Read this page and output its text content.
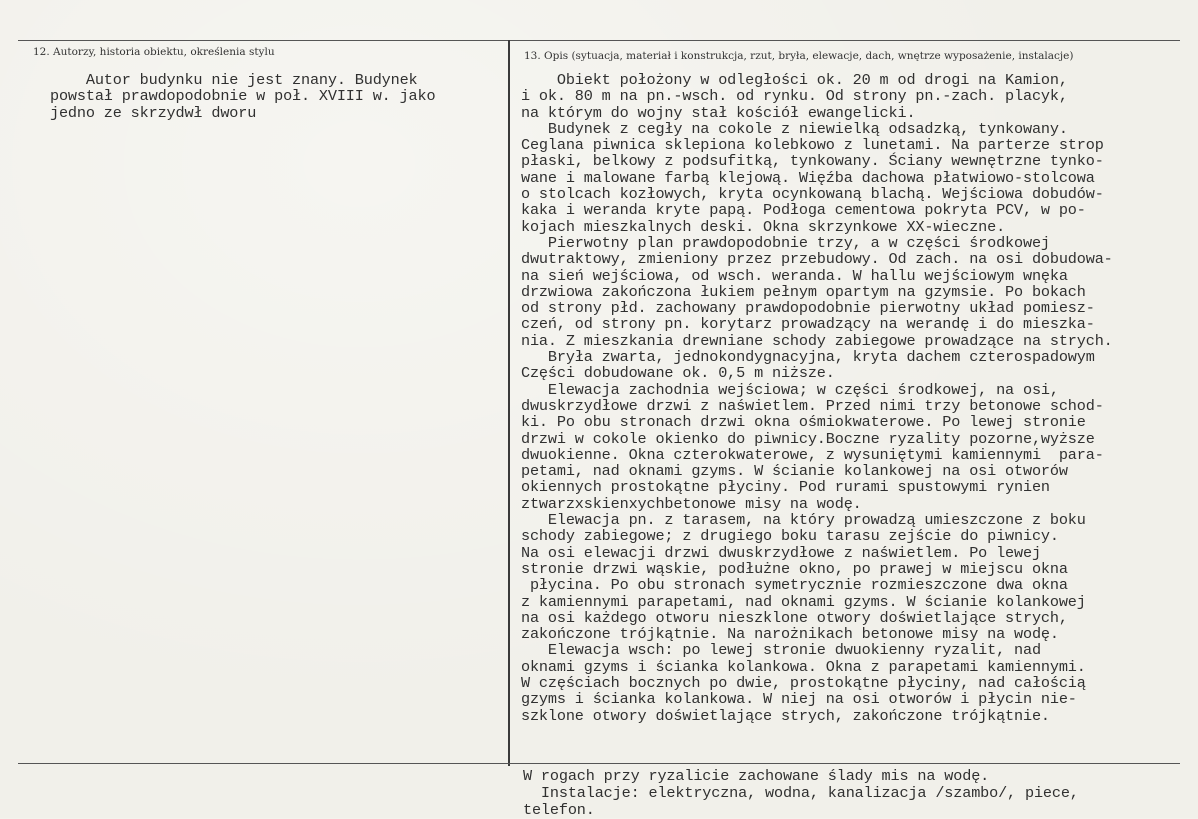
12. Autorzy, historia obiektu, określenia stylu	13. Opis (sytuacja, materiał i konstrukcja, rzut, bryła, elewacje, dach, wnętrze wyposażenie, instalacje)
Autor budynku nie jest znany. Budynek
powstał prawdopodobnie w poł. XVIII w. jako
jedno ze skrzydwł dworu
Obiekt położony w odległości ok. 20 m od drogi na Kamion,
i ok. 80 m na pn.-wsch. od rynku. Od strony pn.-zach. placyk,
na którym do wojny stał kościół ewangelicki.
Budynek z cegły na cokole z niewielką odsadzką, tynkowany.
Ceglana piwnica sklepiona kolebkowo z lunetami. Na parterze strop
płaski, belkowy z podsufitką, tynkowany. Ściany wewnętrzne tynko-
wane i malowane farbą klejową. Więźba dachowa płatwiowo-stolcowa
o stolcach kozłowych, kryta ocynkowaną blachą. Wejściowa dobudów-
kaka i weranda kryte papą. Podłoga cementowa pokryta PCV, w po-
kojach mieszkalnych deski. Okna skrzynkowe XX-wieczne.
Pierwotny plan prawdopodobnie trzy, a w części środkowej
dwutraktowy, zmieniony przez przebudowy. Od zach. na osi dobudowa-
na sień wejściowa, od wsch. weranda. W hallu wejściowym wnęka
drzwiowa zakończona łukiem pełnym opartym na gzymsie. Po bokach
od strony płd. zachowany prawdopodobnie pierwotny układ pomiesz-
czeń, od strony pn. korytarz prowadzący na werandę i do mieszka-
nia. Z mieszkania drewniane schody zabiegowe prowadzące na strych.
Bryła zwarta, jednokondygnacyjna, kryta dachem czterospadowym
Części dobudowane ok. 0,5 m niższe.
Elewacja zachodnia wejściowa; w części środkowej, na osi,
dwuskrzydłowe drzwi z naświetlem. Przed nimi trzy betonowe schod-
ki. Po obu stronach drzwi okna ośmiokwaterowe. Po lewej stronie
drzwi w cokole okienko do piwnicy.Boczne ryzality pozorne,wyższe
dwuokienne. Okna czterokwaterowe, z wysuniętymi kamiennymi  para-
petami, nad oknami gzyms. W ścianie kolankowej na osi otworów
okiennych prostokątne płyciny. Pod rurami spustowymi rynien
ztwarzxskienxychbetonowe misy na wodę.
Elewacja pn. z tarasem, na który prowadzą umieszczone z boku
schody zabiegowe; z drugiego boku tarasu zejście do piwnicy.
Na osi elewacji drzwi dwuskrzydłowe z naświetlem. Po lewej
stronie drzwi wąskie, podłużne okno, po prawej w miejscu okna
płycina. Po obu stronach symetrycznie rozmieszczone dwa okna
z kamiennymi parapetami, nad oknami gzyms. W ścianie kolankowej
na osi każdego otworu nieszklone otwory doświetlające strych,
zakończone trójkątnie. Na narożnikach betonowe misy na wodę.
Elewacja wsch: po lewej stronie dwuokienny ryzalit, nad
oknami gzyms i ścianka kolankowa. Okna z parapetami kamiennymi.
W częściach bocznych po dwie, prostokątne płyciny, nad całością
gzyms i ścianka kolankowa. W niej na osi otworów i płycin nie-
szklone otwory doświetlające strych, zakończone trójkątnie.
W rogach przy ryzalicie zachowane ślady mis na wodę.
Instalacje: elektryczna, wodna, kanalizacja /szambo/, piece,
telefon.
